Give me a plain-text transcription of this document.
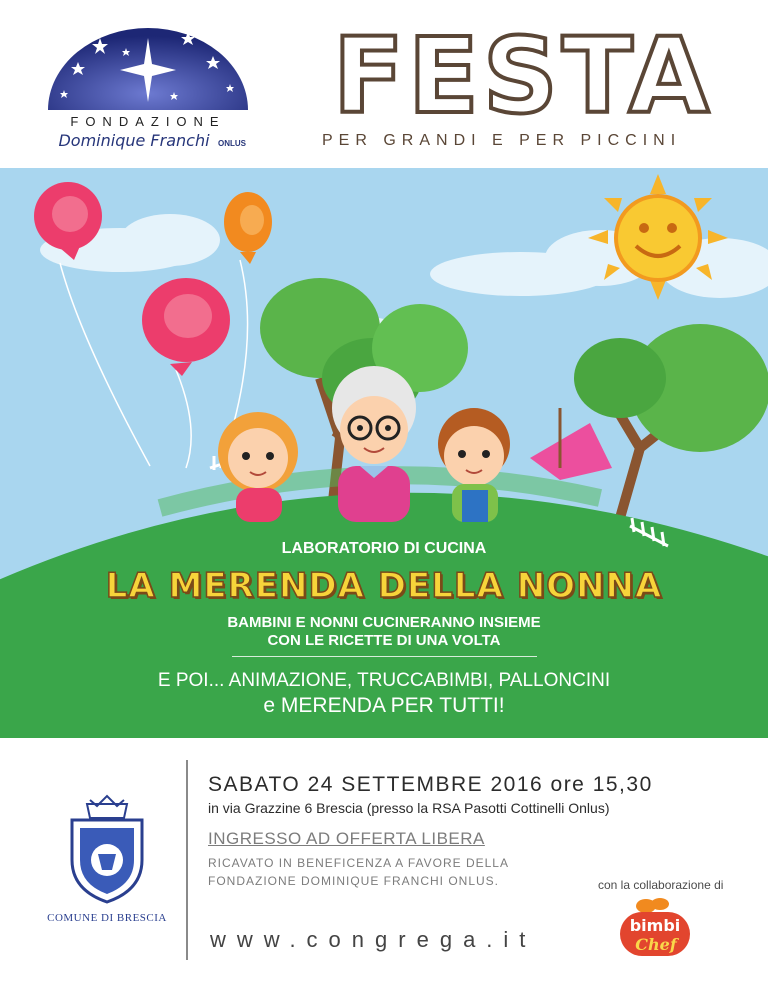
FONDAZIONE
Dominique Franchi ONLUS
FESTA
PER GRANDI E PER PICCINI
LABORATORIO DI CUCINA
LA MERENDA DELLA NONNA
BAMBINI E NONNI CUCINERANNO INSIEME
CON LE RICETTE DI UNA VOLTA
E POI... ANIMAZIONE, TRUCCABIMBI, PALLONCINI
e MERENDA PER TUTTI!
COMUNE DI BRESCIA
SABATO 24 SETTEMBRE 2016 ore 15,30
in via Grazzine 6 Brescia (presso la RSA Pasotti Cottinelli Onlus)
INGRESSO AD OFFERTA LIBERA
RICAVATO IN BENEFICENZA A FAVORE DELLA
FONDAZIONE DOMINIQUE FRANCHI ONLUS.	con la collaborazione di
www.congrega.it
bimbi
Chef
